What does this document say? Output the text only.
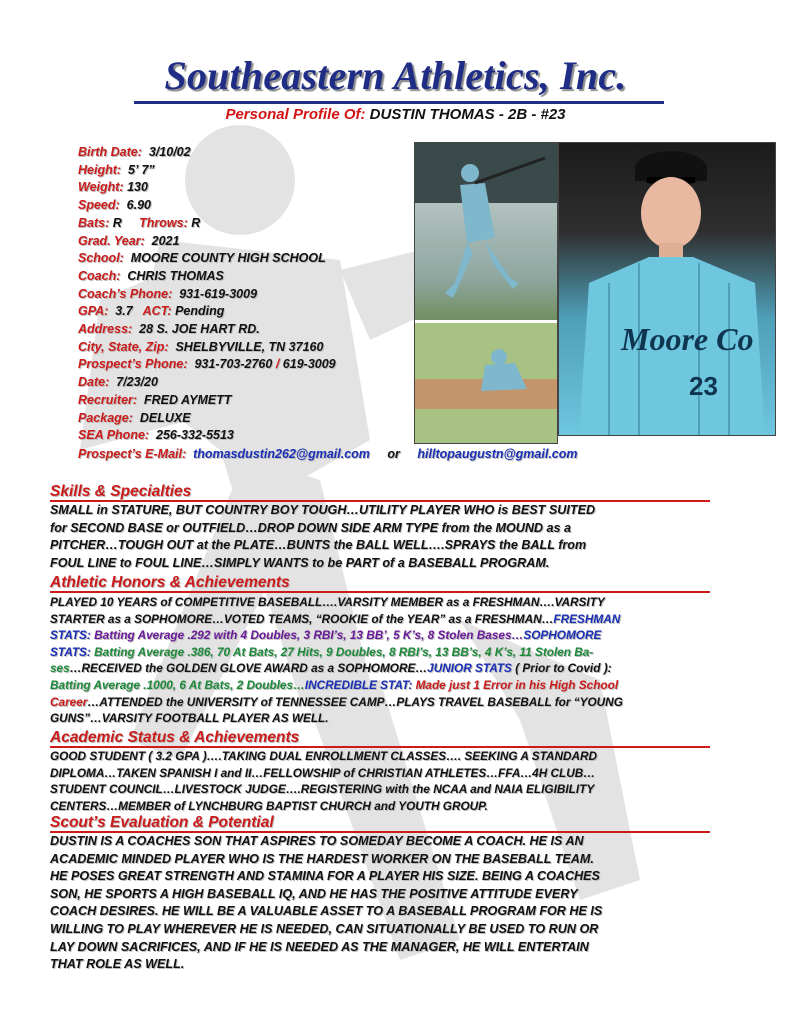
Southeastern Athletics, Inc.
Personal Profile Of: DUSTIN THOMAS - 2B - #23
Birth Date: 3/10/02
Height: 5’ 7”
Weight: 130
Speed: 6.90
Bats: R Throws: R
Grad. Year: 2021
School: MOORE COUNTY HIGH SCHOOL
Coach: CHRIS THOMAS
Coach’s Phone: 931-619-3009
GPA: 3.7 ACT: Pending
Address: 28 S. JOE HART RD.
City, State, Zip: SHELBYVILLE, TN 37160
Prospect’s Phone: 931-703-2760 / 619-3009
Date: 7/23/20
Recruiter: FRED AYMETT
Package: DELUXE
SEA Phone: 256-332-5513
Moore Co
23
Prospect’s E-Mail: thomasdustin262@gmail.com or hilltopaugustn@gmail.com
Skills & Specialties
SMALL in STATURE, BUT COUNTRY BOY TOUGH…UTILITY PLAYER WHO is BEST SUITED
for SECOND BASE or OUTFIELD…DROP DOWN SIDE ARM TYPE from the MOUND as a
PITCHER…TOUGH OUT at the PLATE…BUNTS the BALL WELL….SPRAYS the BALL from
FOUL LINE to FOUL LINE…SIMPLY WANTS to be PART of a BASEBALL PROGRAM.
Athletic Honors & Achievements
PLAYED 10 YEARS of COMPETITIVE BASEBALL….VARSITY MEMBER as a FRESHMAN….VARSITY
STARTER as a SOPHOMORE…VOTED TEAMS, “ROOKIE of the YEAR” as a FRESHMAN…FRESHMAN
STATS: Batting Average .292 with 4 Doubles, 3 RBI’s, 13 BB’, 5 K’s, 8 Stolen Bases…SOPHOMORE
STATS: Batting Average .386, 70 At Bats, 27 Hits, 9 Doubles, 8 RBI’s, 13 BB’s, 4 K’s, 11 Stolen Ba-
ses…RECEIVED the GOLDEN GLOVE AWARD as a SOPHOMORE…JUNIOR STATS ( Prior to Covid ):
Batting Average .1000, 6 At Bats, 2 Doubles…INCREDIBLE STAT: Made just 1 Error in his High School
Career…ATTENDED the UNIVERSITY of TENNESSEE CAMP…PLAYS TRAVEL BASEBALL for “YOUNG
GUNS”…VARSITY FOOTBALL PLAYER AS WELL.
Academic Status & Achievements
GOOD STUDENT ( 3.2 GPA )….TAKING DUAL ENROLLMENT CLASSES…. SEEKING A STANDARD
DIPLOMA…TAKEN SPANISH I and II…FELLOWSHIP of CHRISTIAN ATHLETES…FFA…4H CLUB…
STUDENT COUNCIL…LIVESTOCK JUDGE….REGISTERING with the NCAA and NAIA ELIGIBILITY
CENTERS…MEMBER of LYNCHBURG BAPTIST CHURCH and YOUTH GROUP.
Scout’s Evaluation & Potential
DUSTIN IS A COACHES SON THAT ASPIRES TO SOMEDAY BECOME A COACH. HE IS AN
ACADEMIC MINDED PLAYER WHO IS THE HARDEST WORKER ON THE BASEBALL TEAM.
HE POSES GREAT STRENGTH AND STAMINA FOR A PLAYER HIS SIZE. BEING A COACHES
SON, HE SPORTS A HIGH BASEBALL IQ, AND HE HAS THE POSITIVE ATTITUDE EVERY
COACH DESIRES. HE WILL BE A VALUABLE ASSET TO A BASEBALL PROGRAM FOR HE IS
WILLING TO PLAY WHEREVER HE IS NEEDED, CAN SITUATIONALLY BE USED TO RUN OR
LAY DOWN SACRIFICES, AND IF HE IS NEEDED AS THE MANAGER, HE WILL ENTERTAIN
THAT ROLE AS WELL.
